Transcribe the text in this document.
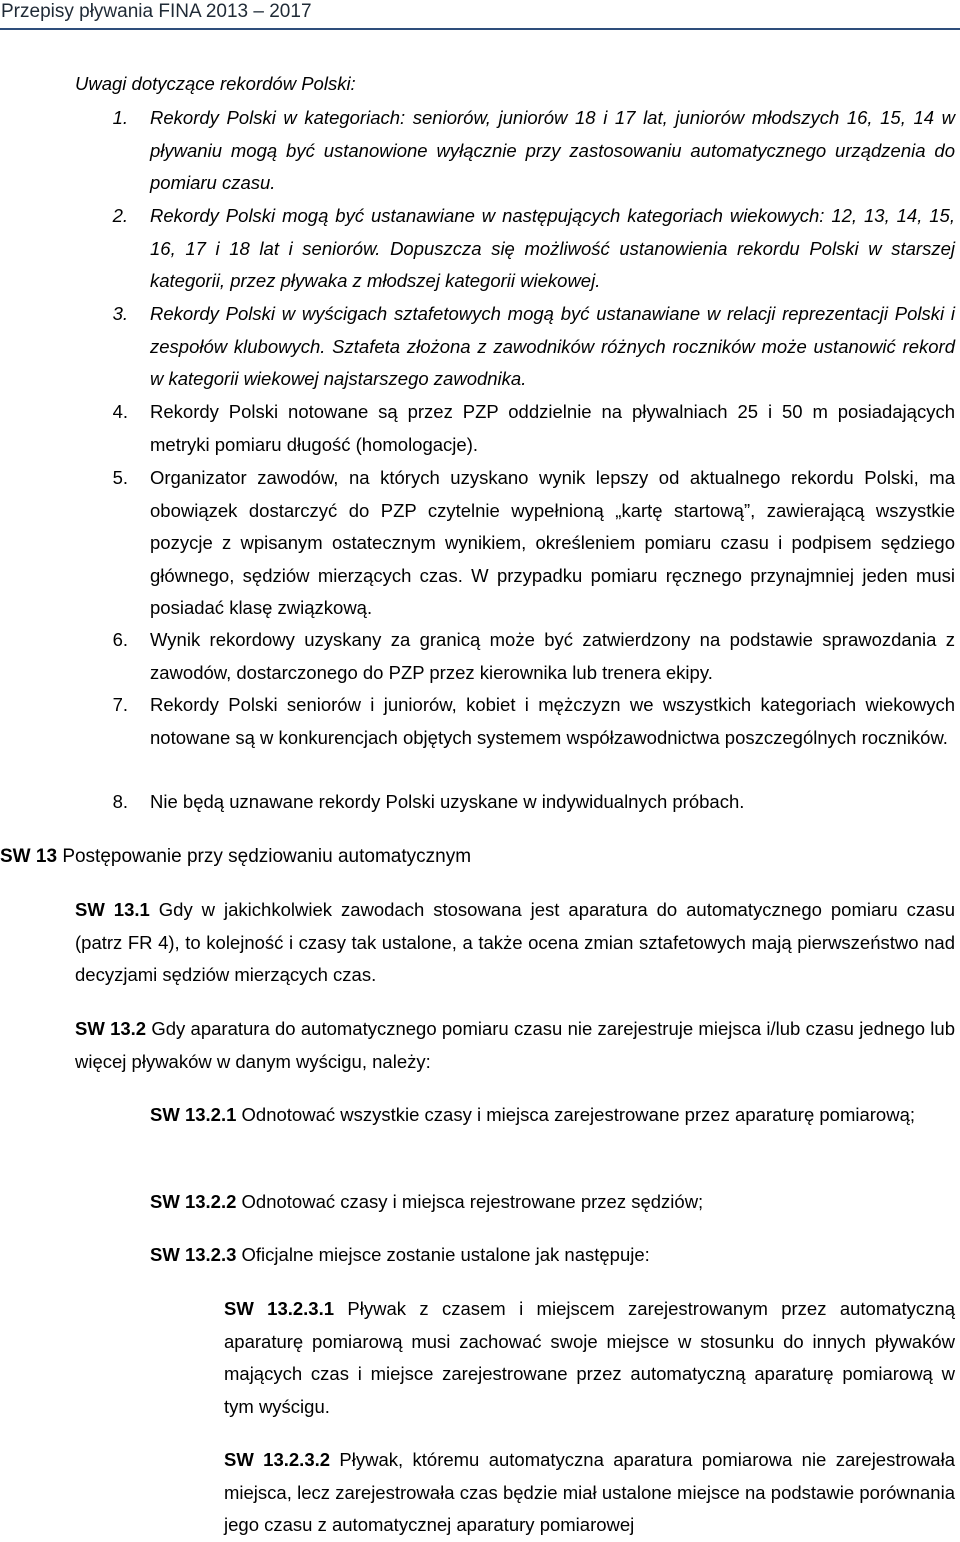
Przepisy pływania FINA 2013 – 2017
Uwagi dotyczące rekordów Polski:
1. Rekordy Polski w kategoriach: seniorów, juniorów 18 i 17 lat, juniorów młodszych 16, 15, 14 w pływaniu mogą być ustanowione wyłącznie przy zastosowaniu automatycznego urządzenia do pomiaru czasu.

2. Rekordy Polski mogą być ustanawiane w następujących kategoriach wiekowych: 12, 13, 14, 15, 16, 17 i 18 lat i seniorów. Dopuszcza się możliwość ustanowienia rekordu Polski w starszej kategorii, przez pływaka z młodszej kategorii wiekowej.

3. Rekordy Polski w wyścigach sztafetowych mogą być ustanawiane w relacji reprezentacji Polski i zespołów klubowych. Sztafeta złożona z zawodników różnych roczników może ustanowić rekord w kategorii wiekowej najstarszego zawodnika.

4. Rekordy Polski notowane są przez PZP oddzielnie na pływalniach 25 i 50 m posiadających metryki pomiaru długość (homologacje).

5. Organizator zawodów, na których uzyskano wynik lepszy od aktualnego rekordu Polski, ma obowiązek dostarczyć do PZP czytelnie wypełnioną „kartę startową”, zawierającą wszystkie pozycje z wpisanym ostatecznym wynikiem, określeniem pomiaru czasu i podpisem sędziego głównego, sędziów mierzących czas. W przypadku pomiaru ręcznego przynajmniej jeden musi posiadać klasę związkową.

6. Wynik rekordowy uzyskany za granicą może być zatwierdzony na podstawie sprawozdania z zawodów, dostarczonego do PZP przez kierownika lub trenera ekipy.

7. Rekordy Polski seniorów i juniorów, kobiet i mężczyzn we wszystkich kategoriach wiekowych notowane są w konkurencjach objętych systemem współzawodnictwa poszczególnych roczników.

8. Nie będą uznawane rekordy Polski uzyskane w indywidualnych próbach.

SW 13 Postępowanie przy sędziowaniu automatycznym

SW 13.1 Gdy w jakichkolwiek zawodach stosowana jest aparatura do automatycznego pomiaru czasu (patrz FR 4), to kolejność i czasy tak ustalone, a także ocena zmian sztafetowych mają pierwszeństwo nad decyzjami sędziów mierzących czas.

SW 13.2 Gdy aparatura do automatycznego pomiaru czasu nie zarejestruje miejsca i/lub czasu jednego lub więcej pływaków w danym wyścigu, należy:

SW 13.2.1 Odnotować wszystkie czasy i miejsca zarejestrowane przez aparaturę pomiarową;

SW 13.2.2 Odnotować czasy i miejsca rejestrowane przez sędziów;

SW 13.2.3 Oficjalne miejsce zostanie ustalone jak następuje:

SW 13.2.3.1 Pływak z czasem i miejscem zarejestrowanym przez automatyczną aparaturę pomiarową musi zachować swoje miejsce w stosunku do innych pływaków mających czas i miejsce zarejestrowane przez automatyczną aparaturę pomiarową w tym wyścigu.

SW 13.2.3.2 Pływak, któremu automatyczna aparatura pomiarowa nie zarejestrowała miejsca, lecz zarejestrowała czas będzie miał ustalone miejsce na podstawie porównania jego czasu z automatycznej aparatury pomiarowej
